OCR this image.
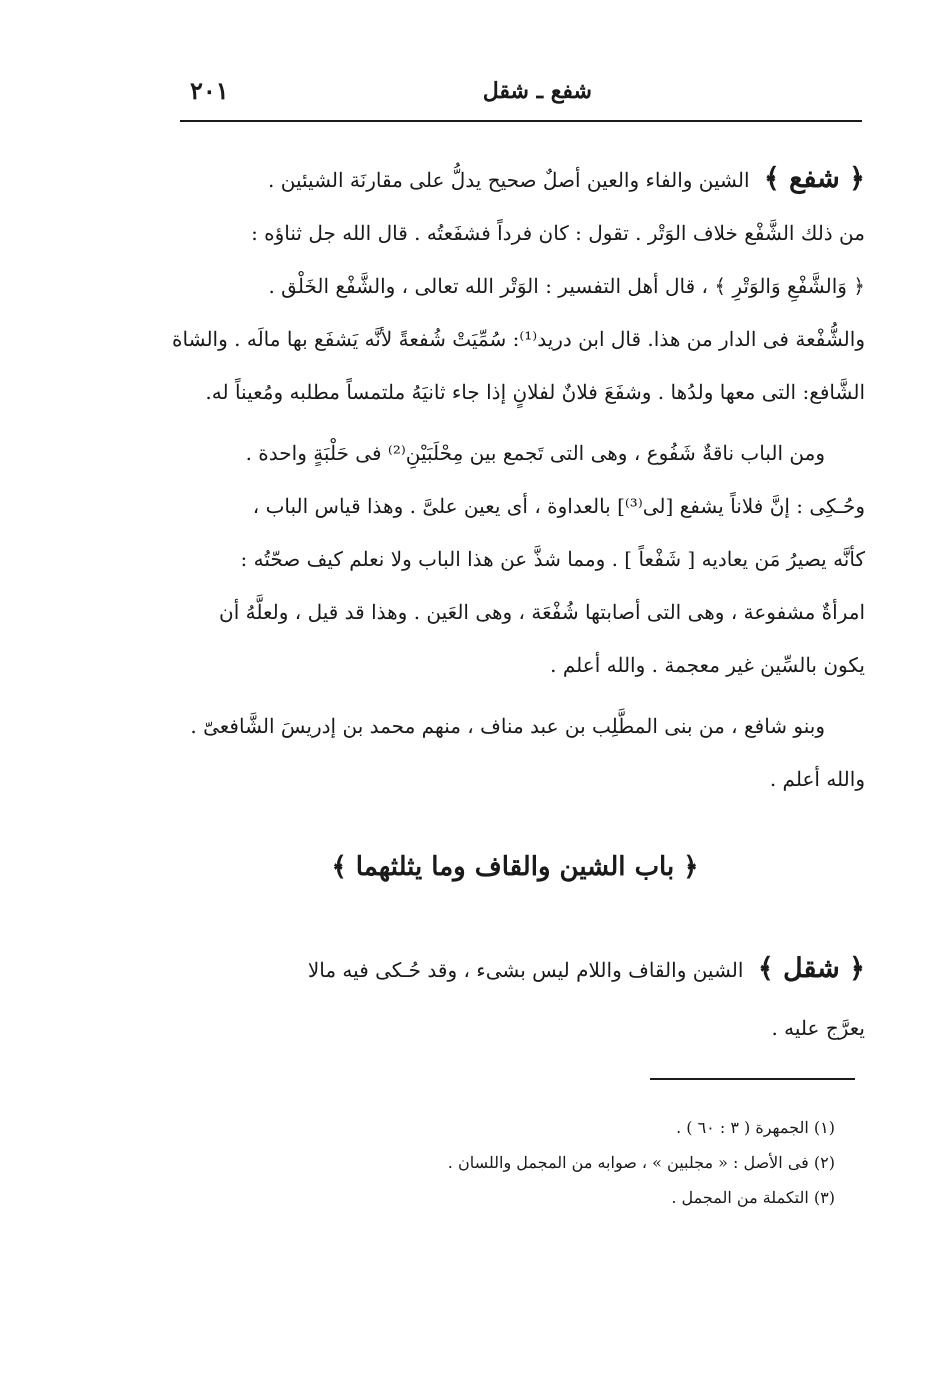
شفع ـ شقل
٢٠١

﴿ شفع ﴾ الشين والفاء والعين أصلٌ صحيح يدلُّ على مقارنَة الشيئين .

من ذلك الشَّفْع خلاف الوَتْر . تقول : كان فرداً فشفَعتُه . قال الله جل ثناؤه :

﴿ وَالشَّفْعِ وَالوَتْرِ ﴾ ، قال أهل التفسير : الوَتْر الله تعالى ، والشَّفْع الخَلْق .

والشُّفْعة فى الدار من هذا. قال ابن دريد⁽¹⁾: سُمِّيَتْ شُفعةً لأنَّه يَشفَع بها مالَه . والشاة

الشَّافع: التى معها ولدُها . وشفَعَ فلانٌ لفلانٍ إذا جاء ثانيَهُ ملتمساً مطلبه ومُعيناً له.

ومن الباب ناقةٌ شَفُوع ، وهى التى تَجمع بين مِحْلَبَيْنِ⁽²⁾ فى حَلْبَةٍ واحدة .

وحُـكِى : إنَّ فلاناً يشفع [لى⁽³⁾] بالعداوة ، أى يعين علىَّ . وهذا قياس الباب ،

كأنَّه يصيرُ مَن يعاديه [ شَفْعاً ] . ومما شذَّ عن هذا الباب ولا نعلم كيف صحّتُه :

امرأةٌ مشفوعة ، وهى التى أصابتها شُفْعَة ، وهى العَين . وهذا قد قيل ، ولعلَّهُ أن

يكون بالسِّين غير معجمة . والله أعلم .

وبنو شافع ، من بنى المطَّلِب بن عبد مناف ، منهم محمد بن إدريسَ الشَّافعىّ .

والله أعلم .

﴿ باب الشين والقاف وما يثلثهما ﴾

﴿ شقل ﴾ الشين والقاف واللام ليس بشىء ، وقد حُـكى فيه مالا

يعرَّج عليه .

(١) الجمهرة ( ٣ : ٦٠ ) .
(٢) فى الأصل : « مجلبين » ، صوابه من المجمل واللسان .
(٣) التكملة من المجمل .
